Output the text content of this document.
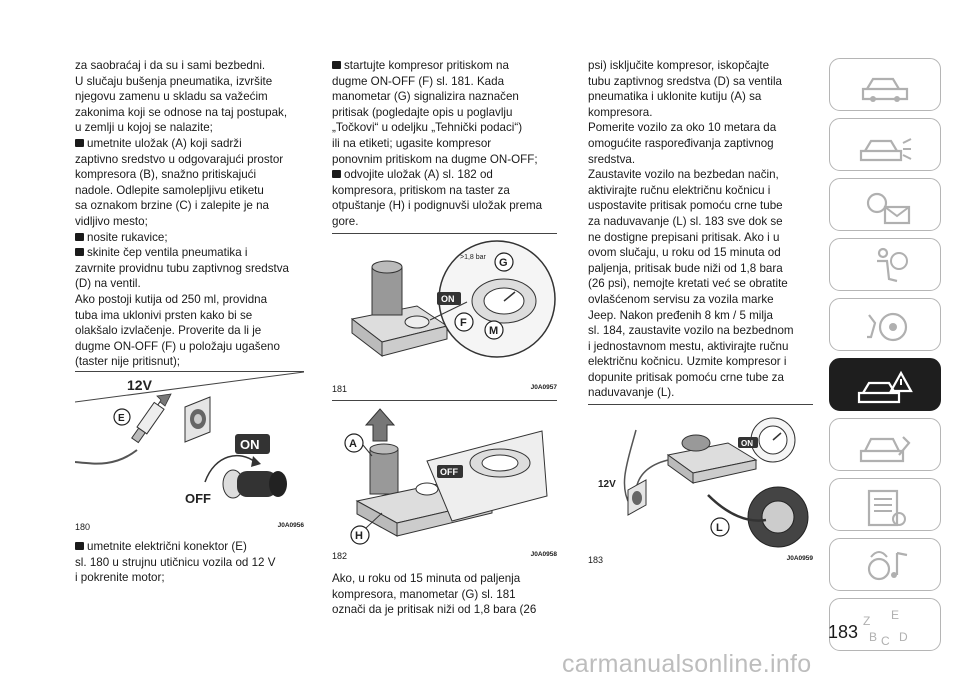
za saobraćaj i da su i sami bezbedni.

U slučaju bušenja pneumatika, izvršite

njegovu zamenu u skladu sa važećim

zakonima koji se odnose na taj postupak,

u zemlji u kojoj se nalazite;

umetnite uložak (A) koji sadrži

zaptivno sredstvo u odgovarajući prostor

kompresora (B), snažno pritiskajući

nadole. Odlepite samolepljivu etiketu

sa oznakom brzine (C) i zalepite je na

vidljivo mesto;

nosite rukavice;

skinite čep ventila pneumatika i

zavrnite providnu tubu zaptivnog sredstva

(D) na ventil.

Ako postoji kutija od 250 ml, providna

tuba ima uklonivi prsten kako bi se

olakšalo izvlačenje. Proverite da li je

dugme ON-OFF (F) u položaju ugašeno

(taster nije pritisnut);

12V
E
ON
OFF
180	J0A0956

umetnite električni konektor (E)

sl. 180 u strujnu utičnicu vozila od 12 V

i pokrenite motor;

startujte kompresor pritiskom na

dugme ON-OFF (F) sl. 181. Kada

manometar (G) signalizira naznačen

pritisak (pogledajte opis u poglavlju

„Točkovi“ u odeljku „Tehnički podaci“)

ili na etiketi; ugasite kompresor

ponovnim pritiskom na dugme ON-OFF;

odvojite uložak (A) sl. 182 od

kompresora, pritiskom na taster za

otpuštanje (H) i podignuvši uložak prema

gore.

ON
>1,8 bar G
F
M
181	J0A0957
OFF
A
H
182	J0A0958

Ako, u roku od 15 minuta od paljenja

kompresora, manometar (G) sl. 181

označi da je pritisak niži od 1,8 bara (26

psi) isključite kompresor, iskopčajte

tubu zaptivnog sredstva (D) sa ventila

pneumatika i uklonite kutiju (A) sa

kompresora.

Pomerite vozilo za oko 10 metara da

omogućite raspoređivanja zaptivnog

sredstva.

Zaustavite vozilo na bezbedan način,

aktivirajte ručnu električnu kočnicu i

uspostavite pritisak pomoću crne tube

za naduvavanje (L) sl. 183 sve dok se

ne dostigne prepisani pritisak. Ako i u

ovom slučaju, u roku od 15 minuta od

paljenja, pritisak bude niži od 1,8 bara

(26 psi), nemojte kretati već se obratite

ovlašćenom servisu za vozila marke

Jeep. Nakon pređenih 8 km / 5 milja

sl. 184, zaustavite vozilo na bezbednom

i jednostavnom mestu, aktivirajte ručnu

električnu kočnicu. Uzmite kompresor i

dopunite pritisak pomoću crne tube za

naduvavanje (L).

ON
12V
L
183	J0A0959
Z E
B C D
183
carmanualsonline.info
